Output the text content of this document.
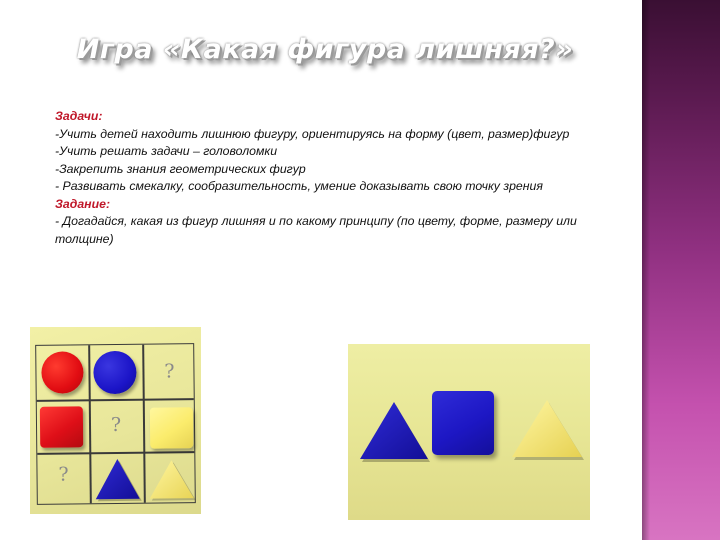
Игра «Какая фигура лишняя?»

Задачи:

-Учить детей находить лишнюю фигуру, ориентируясь на форму (цвет, размер)фигур

-Учить решать задачи – головоломки

-Закрепить знания геометрических фигур

- Развивать смекалку, сообразительность, умение доказывать свою точку зрения

Задание:

- Догадайся, какая из фигур лишняя и по какому принципу (по цвету, форме, размеру или толщине)

?
?
?
